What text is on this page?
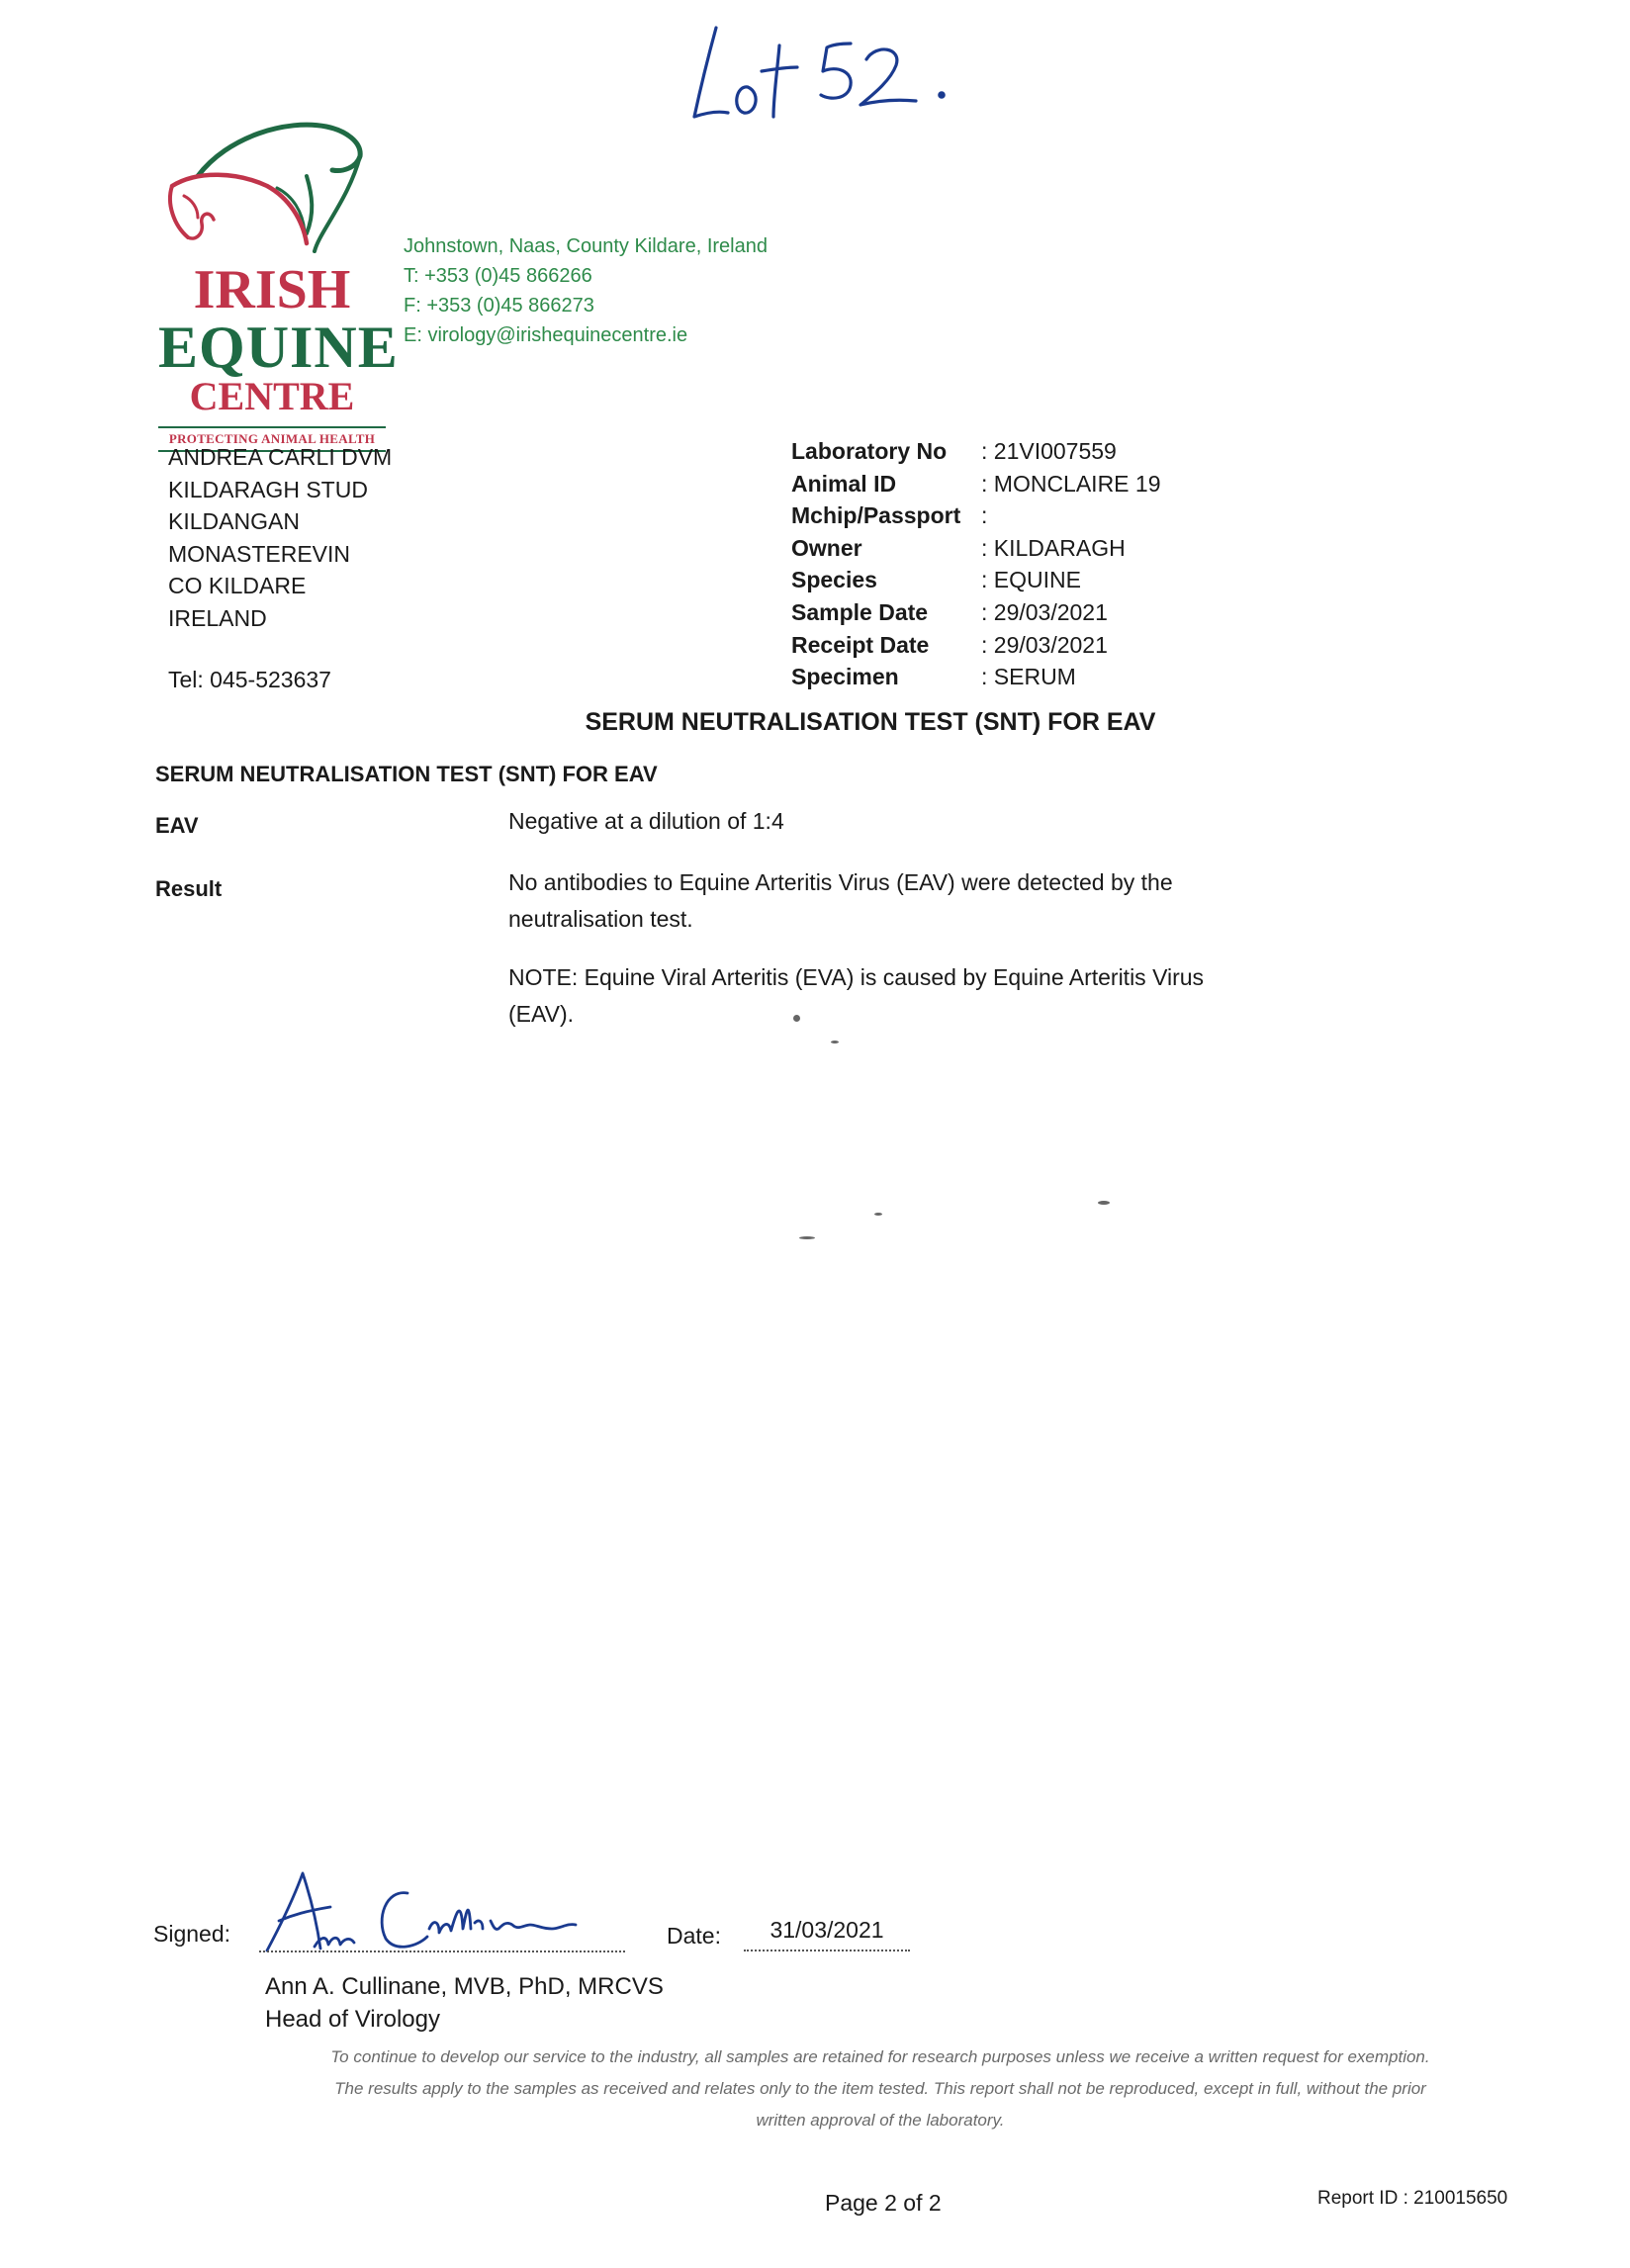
IRISH
EQUINE
CENTRE
PROTECTING ANIMAL HEALTH
Johnstown, Naas, County Kildare, Ireland
T: +353 (0)45 866266
F: +353 (0)45 866273
E: virology@irishequinecentre.ie
ANDREA CARLI DVM
KILDARAGH STUD
KILDANGAN
MONASTEREVIN
CO KILDARE
IRELAND
Tel: 045-523637
Laboratory No	: 21VI007559
Animal ID	: MONCLAIRE 19
Mchip/Passport	:
Owner	: KILDARAGH
Species	: EQUINE
Sample Date	: 29/03/2021
Receipt Date	: 29/03/2021
Specimen	: SERUM
SERUM NEUTRALISATION TEST (SNT) FOR EAV
SERUM NEUTRALISATION TEST (SNT) FOR EAV
EAV	Negative at a dilution of 1:4
Result	No antibodies to Equine Arteritis Virus (EAV) were detected by the neutralisation test.
NOTE: Equine Viral Arteritis (EVA) is caused by Equine Arteritis Virus (EAV).
Signed:	Date:	31/03/2021
Ann A. Cullinane, MVB, PhD, MRCVS
Head of Virology
To continue to develop our service to the industry, all samples are retained for research purposes unless we receive a written request for exemption.
The results apply to the samples as received and relates only to the item tested. This report shall not be reproduced, except in full, without the prior
written approval of the laboratory.
Page 2 of 2	Report ID : 210015650
